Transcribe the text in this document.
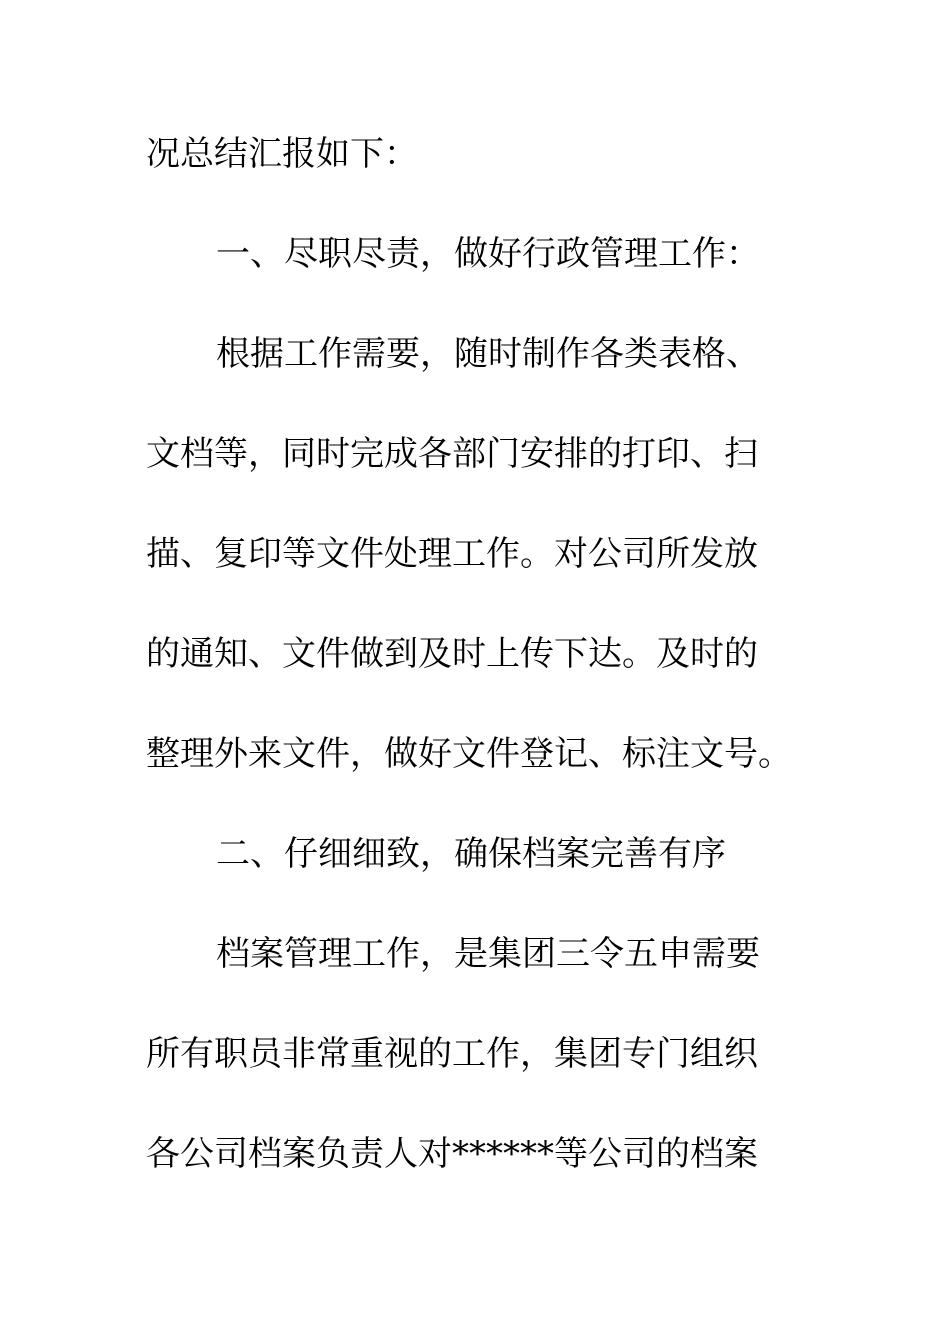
况总结汇报如下：
一、尽职尽责，做好行政管理工作：
根据工作需要，随时制作各类表格、
文档等，同时完成各部门安排的打印、扫
描、复印等文件处理工作。对公司所发放
的通知、文件做到及时上传下达。及时的
整理外来文件，做好文件登记、标注文号。
二、仔细细致，确保档案完善有序
档案管理工作，是集团三令五申需要
所有职员非常重视的工作，集团专门组织
各公司档案负责人对******等公司的档案
